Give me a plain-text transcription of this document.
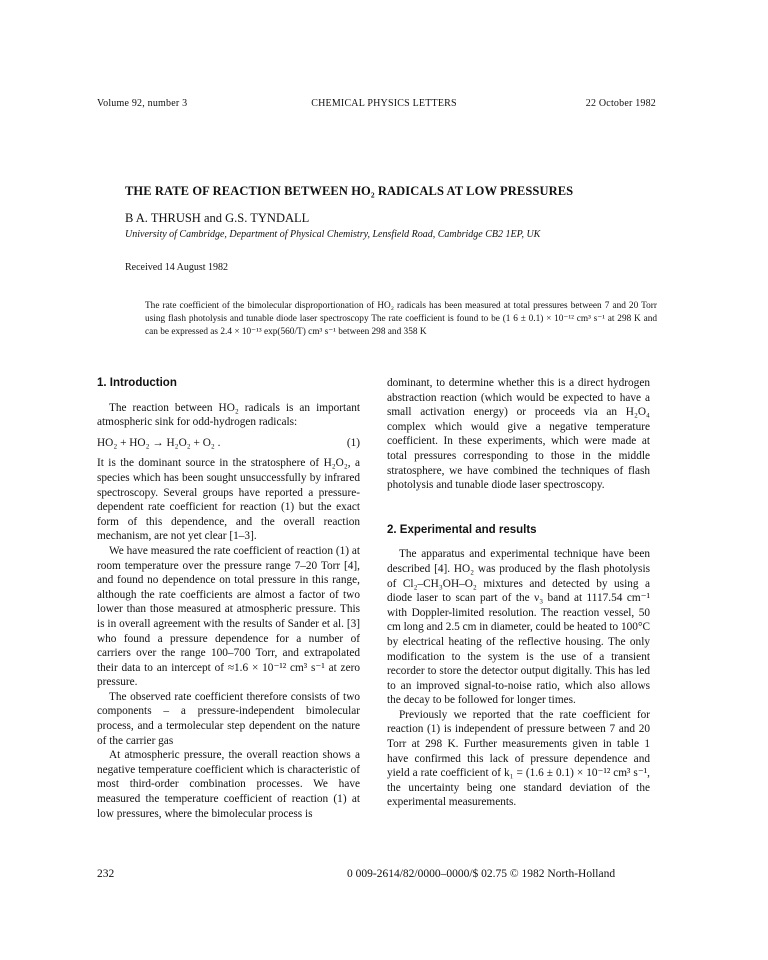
Volume 92, number 3	CHEMICAL PHYSICS LETTERS	22 October 1982
THE RATE OF REACTION BETWEEN HO₂ RADICALS AT LOW PRESSURES
B A. THRUSH and G.S. TYNDALL
University of Cambridge, Department of Physical Chemistry, Lensfield Road, Cambridge CB2 1EP, UK
Received 14 August 1982
The rate coefficient of the bimolecular disproportionation of HO₂ radicals has been measured at total pressures between 7 and 20 Torr using flash photolysis and tunable diode laser spectroscopy The rate coefficient is found to be (1 6 ± 0.1) × 10⁻¹² cm³ s⁻¹ at 298 K and can be expressed as 2.4 × 10⁻¹³ exp(560/T) cm³ s⁻¹ between 298 and 358 K
1. Introduction

The reaction between HO₂ radicals is an important atmospheric sink for odd-hydrogen radicals:

HO₂ + HO₂ → H₂O₂ + O₂ .	(1)

It is the dominant source in the stratosphere of H₂O₂, a species which has been sought unsuccessfully by infrared spectroscopy. Several groups have reported a pressure-dependent rate coefficient for reaction (1) but the exact form of this dependence, and the overall reaction mechanism, are not yet clear [1–3].

We have measured the rate coefficient of reaction (1) at room temperature over the pressure range 7–20 Torr [4], and found no dependence on total pressure in this range, although the rate coefficients are almost a factor of two lower than those measured at atmospheric pressure. This is in overall agreement with the results of Sander et al. [3] who found a pressure dependence for a number of carriers over the range 100–700 Torr, and extrapolated their data to an intercept of ≈1.6 × 10⁻¹² cm³ s⁻¹ at zero pressure.

The observed rate coefficient therefore consists of two components – a pressure-independent bimolecular process, and a termolecular step dependent on the nature of the carrier gas

At atmospheric pressure, the overall reaction shows a negative temperature coefficient which is characteristic of most third-order combination processes. We have measured the temperature coefficient of reaction (1) at low pressures, where the bimolecular process is

dominant, to determine whether this is a direct hydrogen abstraction reaction (which would be expected to have a small activation energy) or proceeds via an H₂O₄ complex which would give a negative temperature coefficient. In these experiments, which were made at total pressures corresponding to those in the middle stratosphere, we have combined the techniques of flash photolysis and tunable diode laser spectroscopy.

2. Experimental and results

The apparatus and experimental technique have been described [4]. HO₂ was produced by the flash photolysis of Cl₂–CH₃OH–O₂ mixtures and detected by using a diode laser to scan part of the ν₃ band at 1117.54 cm⁻¹ with Doppler-limited resolution. The reaction vessel, 50 cm long and 2.5 cm in diameter, could be heated to 100°C by electrical heating of the reflective housing. The only modification to the system is the use of a transient recorder to store the detector output digitally. This has led to an improved signal-to-noise ratio, which also allows the decay to be followed for longer times.

Previously we reported that the rate coefficient for reaction (1) is independent of pressure between 7 and 20 Torr at 298 K. Further measurements given in table 1 have confirmed this lack of pressure dependence and yield a rate coefficient of k₁ = (1.6 ± 0.1) × 10⁻¹² cm³ s⁻¹, the uncertainty being one standard deviation of the experimental measurements.

232	0 009-2614/82/0000–0000/$ 02.75 © 1982 North-Holland
